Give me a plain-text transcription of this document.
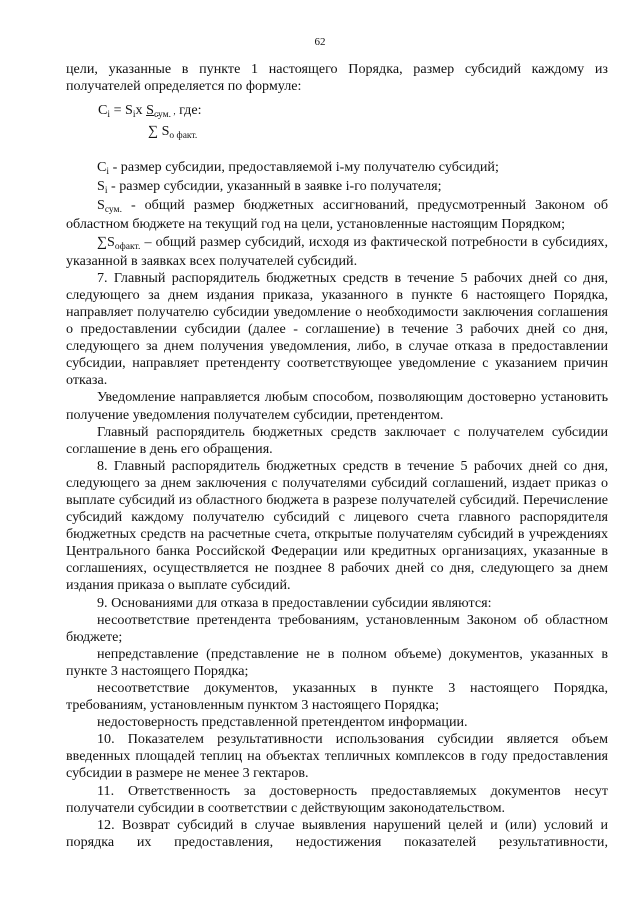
62

цели, указанные в пункте 1 настоящего Порядка, размер субсидий каждому из

получателей определяется по формуле:

$C_i = S_ix$ $S_{сум.}$ , где:
∑ $S_{о факт.}$

$C_i$ - размер субсидии, предоставляемой i-му получателю субсидий;

$S_i$ - размер субсидии, указанный в заявке i-го получателя;

$S_{сум.}$ - общий размер бюджетных ассигнований, предусмотренный Законом об областном бюджете на текущий год на цели, установленные настоящим Порядком;

$\sum S_{офакт.}$ – общий размер субсидий, исходя из фактической потребности в субсидиях, указанной в заявках всех получателей субсидий.

7. Главный распорядитель бюджетных средств в течение 5 рабочих дней со дня, следующего за днем издания приказа, указанного в пункте 6 настоящего Порядка, направляет получателю субсидии уведомление о необходимости заключения соглашения о предоставлении субсидии (далее - соглашение) в течение 3 рабочих дней со дня, следующего за днем получения уведомления, либо, в случае отказа в предоставлении субсидии, направляет претенденту соответствующее уведомление с указанием причин отказа.

Уведомление направляется любым способом, позволяющим достоверно установить получение уведомления получателем субсидии, претендентом.

Главный распорядитель бюджетных средств заключает с получателем субсидии соглашение в день его обращения.

8. Главный распорядитель бюджетных средств в течение 5 рабочих дней со дня, следующего за днем заключения с получателями субсидий соглашений, издает приказ о выплате субсидий из областного бюджета в разрезе получателей субсидий. Перечисление субсидий каждому получателю субсидий с лицевого счета главного распорядителя бюджетных средств на расчетные счета, открытые получателям субсидий в учреждениях Центрального банка Российской Федерации или кредитных организациях, указанные в соглашениях, осуществляется не позднее 8 рабочих дней со дня, следующего за днем издания приказа о выплате субсидий.

9. Основаниями для отказа в предоставлении субсидии являются:

несоответствие претендента требованиям, установленным Законом об областном бюджете;

непредставление (представление не в полном объеме) документов, указанных в пункте 3 настоящего Порядка;

несоответствие документов, указанных в пункте 3 настоящего Порядка, требованиям, установленным пунктом 3 настоящего Порядка;

недостоверность представленной претендентом информации.

10. Показателем результативности использования субсидии является объем введенных площадей теплиц на объектах тепличных комплексов в году предоставления субсидии в размере не менее 3 гектаров.

11. Ответственность за достоверность предоставляемых документов несут получатели субсидии в соответствии с действующим законодательством.

12. Возврат субсидий в случае выявления нарушений целей и (или) условий и порядка их предоставления, недостижения показателей результативности,
